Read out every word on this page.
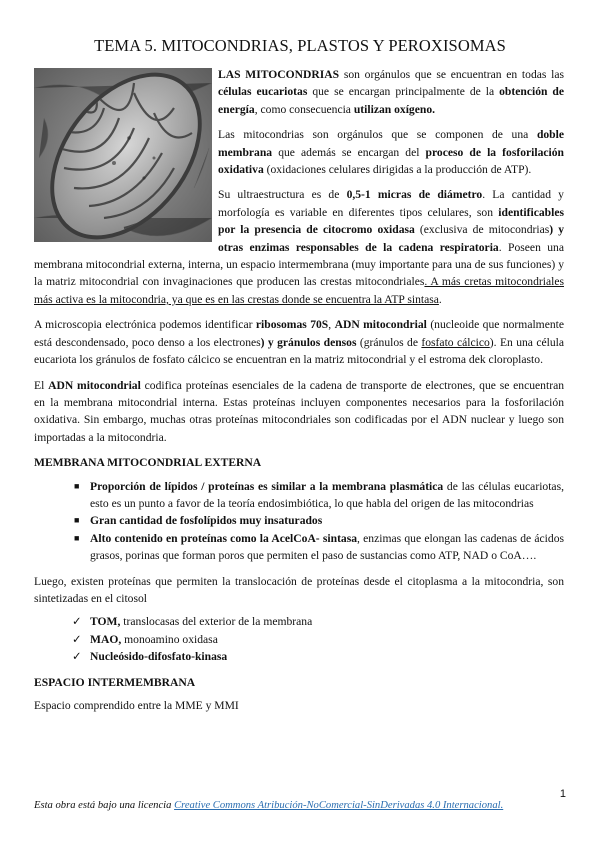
TEMA 5. MITOCONDRIAS, PLASTOS Y PEROXISOMAS

LAS MITOCONDRIAS son orgánulos que se encuentran en todas las células eucariotas que se encargan principalmente de la obtención de energía, como consecuencia utilizan oxígeno.

Las mitocondrias son orgánulos que se componen de una doble membrana que además se encargan del proceso de la fosforilación oxidativa (oxidaciones celulares dirigidas a la producción de ATP).

Su ultraestructura es de 0,5-1 micras de diámetro. La cantidad y morfología es variable en diferentes tipos celulares, son identificables por la presencia de citocromo oxidasa (exclusiva de mitocondrias) y otras enzimas responsables de la cadena respiratoria. Poseen una membrana mitocondrial externa, interna, un espacio intermembrana (muy importante para una de sus funciones) y la matriz mitocondrial con invaginaciones que producen las crestas mitocondriales. A más cretas mitocondriales más activa es la mitocondria, ya que es en las crestas donde se encuentra la ATP sintasa.

A microscopia electrónica podemos identificar ribosomas 70S, ADN mitocondrial (nucleoide que normalmente está descondensado, poco denso a los electrones) y gránulos densos (gránulos de fosfato cálcico). En una célula eucariota los gránulos de fosfato cálcico se encuentran en la matriz mitocondrial y el estroma dek cloroplasto.

El ADN mitocondrial codifica proteínas esenciales de la cadena de transporte de electrones, que se encuentran en la membrana mitocondrial interna. Estas proteínas incluyen componentes necesarios para la fosforilación oxidativa. Sin embargo, muchas otras proteínas mitocondriales son codificadas por el ADN nuclear y luego son importadas a la mitocondria.

MEMBRANA MITOCONDRIAL EXTERNA
■ Proporción de lípidos / proteínas es similar a la membrana plasmática de las células eucariotas, esto es un punto a favor de la teoría endosimbiótica, lo que habla del origen de las mitocondrias
■ Gran cantidad de fosfolípidos muy insaturados
■ Alto contenido en proteínas como la AcelCoA- sintasa, enzimas que elongan las cadenas de ácidos grasos, porinas que forman poros que permiten el paso de sustancias como ATP, NAD o CoA….

Luego, existen proteínas que permiten la translocación de proteínas desde el citoplasma a la mitocondria, son sintetizadas en el citosol

✓ TOM, translocasas del exterior de la membrana
✓ MAO, monoamino oxidasa
✓ Nucleósido-difosfato-kinasa
ESPACIO INTERMEMBRANA

Espacio comprendido entre la MME y MMI

1
Esta obra está bajo una licencia Creative Commons Atribución-NoComercial-SinDerivadas 4.0 Internacional.
